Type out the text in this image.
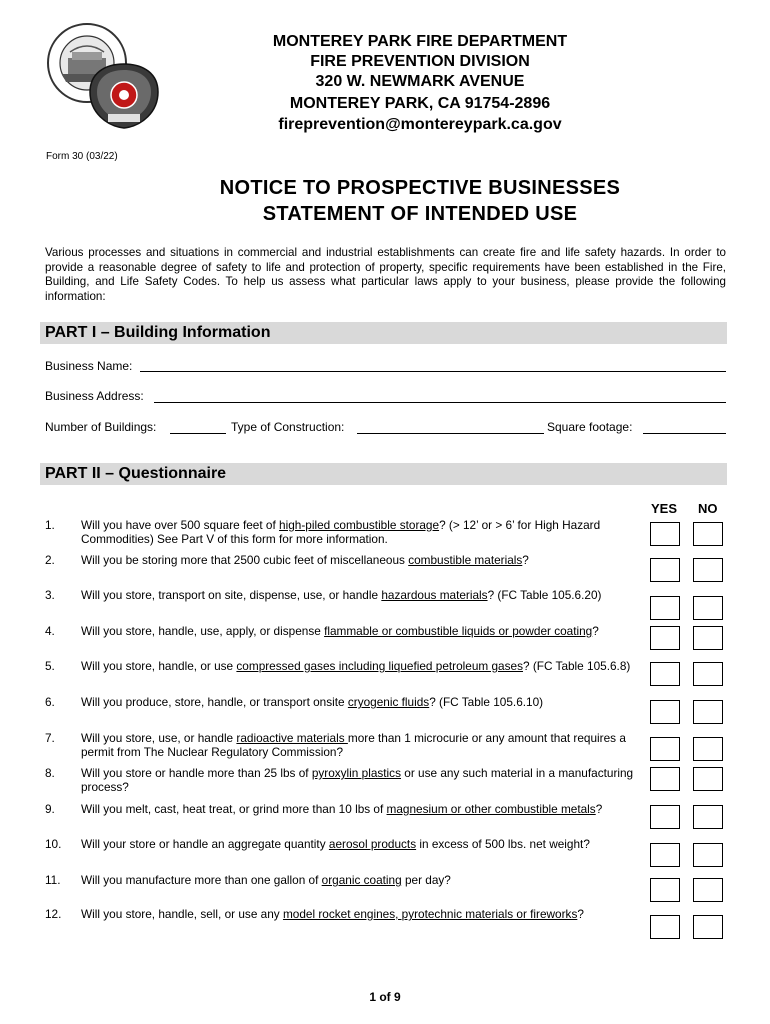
MONTEREY PARK FIRE DEPARTMENT
FIRE PREVENTION DIVISION
320 W. NEWMARK AVENUE
MONTEREY PARK, CA 91754-2896
fireprevention@montereypark.ca.gov
Form 30 (03/22)
NOTICE TO PROSPECTIVE BUSINESSES
STATEMENT OF INTENDED USE
Various processes and situations in commercial and industrial establishments can create fire and life safety hazards. In order to provide a reasonable degree of safety to life and protection of property, specific requirements have been established in the Fire, Building, and Life Safety Codes. To help us assess what particular laws apply to your business, please provide the following information:
PART I – Building Information
Business Name:
Business Address:
Number of Buildings:	Type of Construction:	Square footage:
PART II – Questionnaire
YES NO
1. Will you have over 500 square feet of high-piled combustible storage? (> 12’ or > 6’ for High Hazard Commodities) See Part V of this form for more information.
2. Will you be storing more that 2500 cubic feet of miscellaneous combustible materials?
3. Will you store, transport on site, dispense, use, or handle hazardous materials? (FC Table 105.6.20)
4. Will you store, handle, use, apply, or dispense flammable or combustible liquids or powder coating?
5. Will you store, handle, or use compressed gases including liquefied petroleum gases? (FC Table 105.6.8)
6. Will you produce, store, handle, or transport onsite cryogenic fluids? (FC Table 105.6.10)
7. Will you store, use, or handle radioactive materials more than 1 microcurie or any amount that requires a permit from The Nuclear Regulatory Commission?
8. Will you store or handle more than 25 lbs of pyroxylin plastics or use any such material in a manufacturing process?
9. Will you melt, cast, heat treat, or grind more than 10 lbs of magnesium or other combustible metals?
10. Will your store or handle an aggregate quantity aerosol products in excess of 500 lbs. net weight?
11. Will you manufacture more than one gallon of organic coating per day?
12. Will you store, handle, sell, or use any model rocket engines, pyrotechnic materials or fireworks?
1 of 9
